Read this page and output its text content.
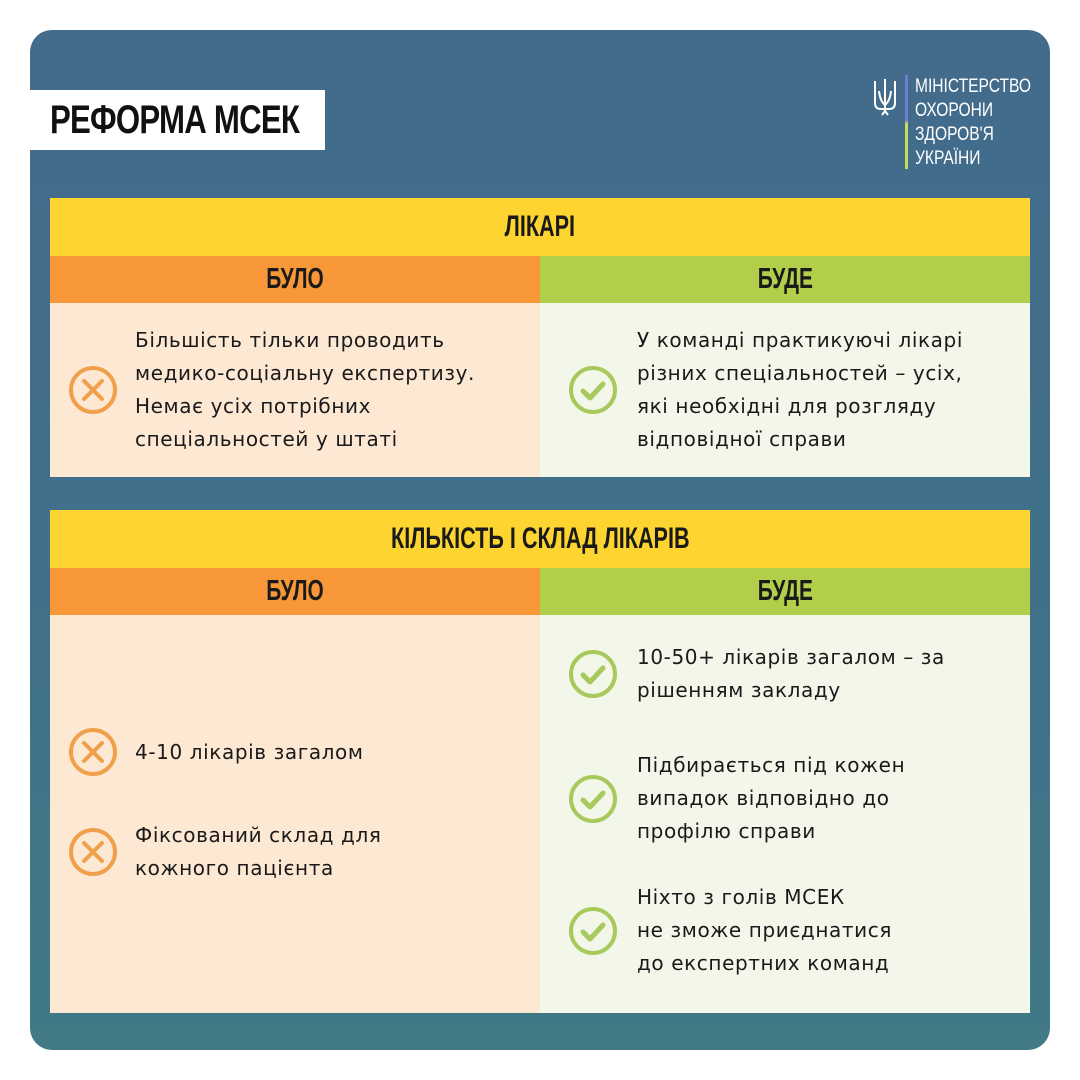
РЕФОРМА МСЕК
МІНІСТЕРСТВО
ОХОРОНИ
ЗДОРОВ'Я
УКРАЇНИ
ЛІКАРІ
БУЛО
Більшість тільки проводить
медико-соціальну експертизу.
Немає усіх потрібних
спеціальностей у штаті
БУДЕ
У команді практикуючі лікарі
різних спеціальностей – усіх,
які необхідні для розгляду
відповідної справи
КІЛЬКІСТЬ І СКЛАД ЛІКАРІВ
БУЛО
4-10 лікарів загалом
Фіксований склад для
кожного пацієнта
БУДЕ
10-50+ лікарів загалом – за
рішенням закладу
Підбирається під кожен
випадок відповідно до
профілю справи
Ніхто з голів МСЕК
не зможе приєднатися
до експертних команд
